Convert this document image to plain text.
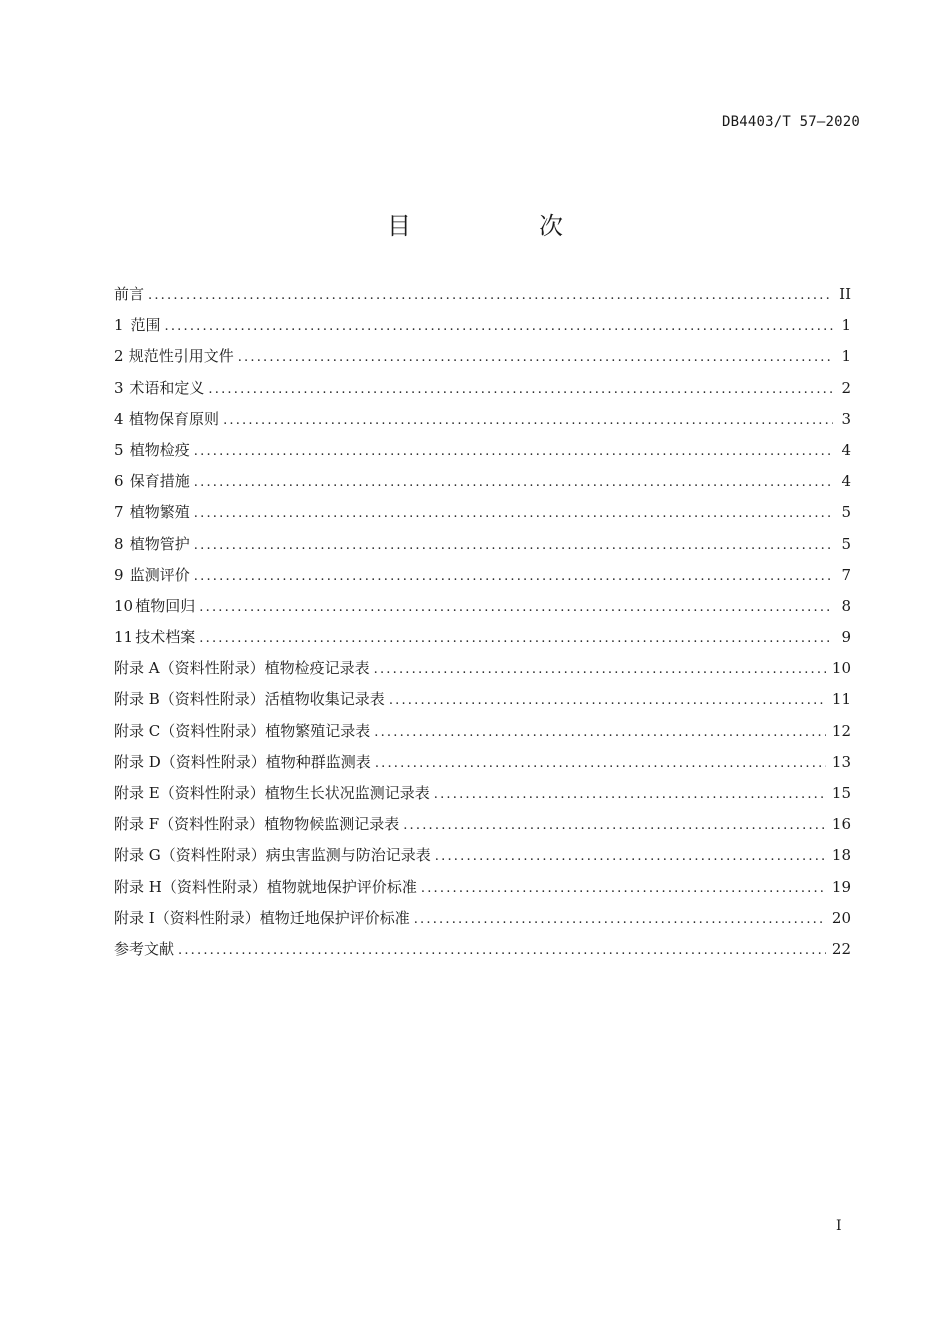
DB4403/T 57—2020
目　次
前言 .....	II
1 范围 .....	1
2 规范性引用文件 .....	1
3 术语和定义 .....	2
4 植物保育原则 .....	3
5 植物检疫 .....	4
6 保育措施 .....	4
7 植物繁殖 .....	5
8 植物管护 .....	5
9 监测评价 .....	7
10 植物回归 .....	8
11 技术档案 .....	9
附录 A（资料性附录） 植物检疫记录表 .....	10
附录 B（资料性附录） 活植物收集记录表 .....	11
附录 C（资料性附录） 植物繁殖记录表 .....	12
附录 D（资料性附录） 植物种群监测表 .....	13
附录 E（资料性附录） 植物生长状况监测记录表 .....	15
附录 F（资料性附录） 植物物候监测记录表 .....	16
附录 G（资料性附录） 病虫害监测与防治记录表 .....	18
附录 H（资料性附录） 植物就地保护评价标准 .....	19
附录 I（资料性附录） 植物迁地保护评价标准 .....	20
参考文献 .....	22
I
